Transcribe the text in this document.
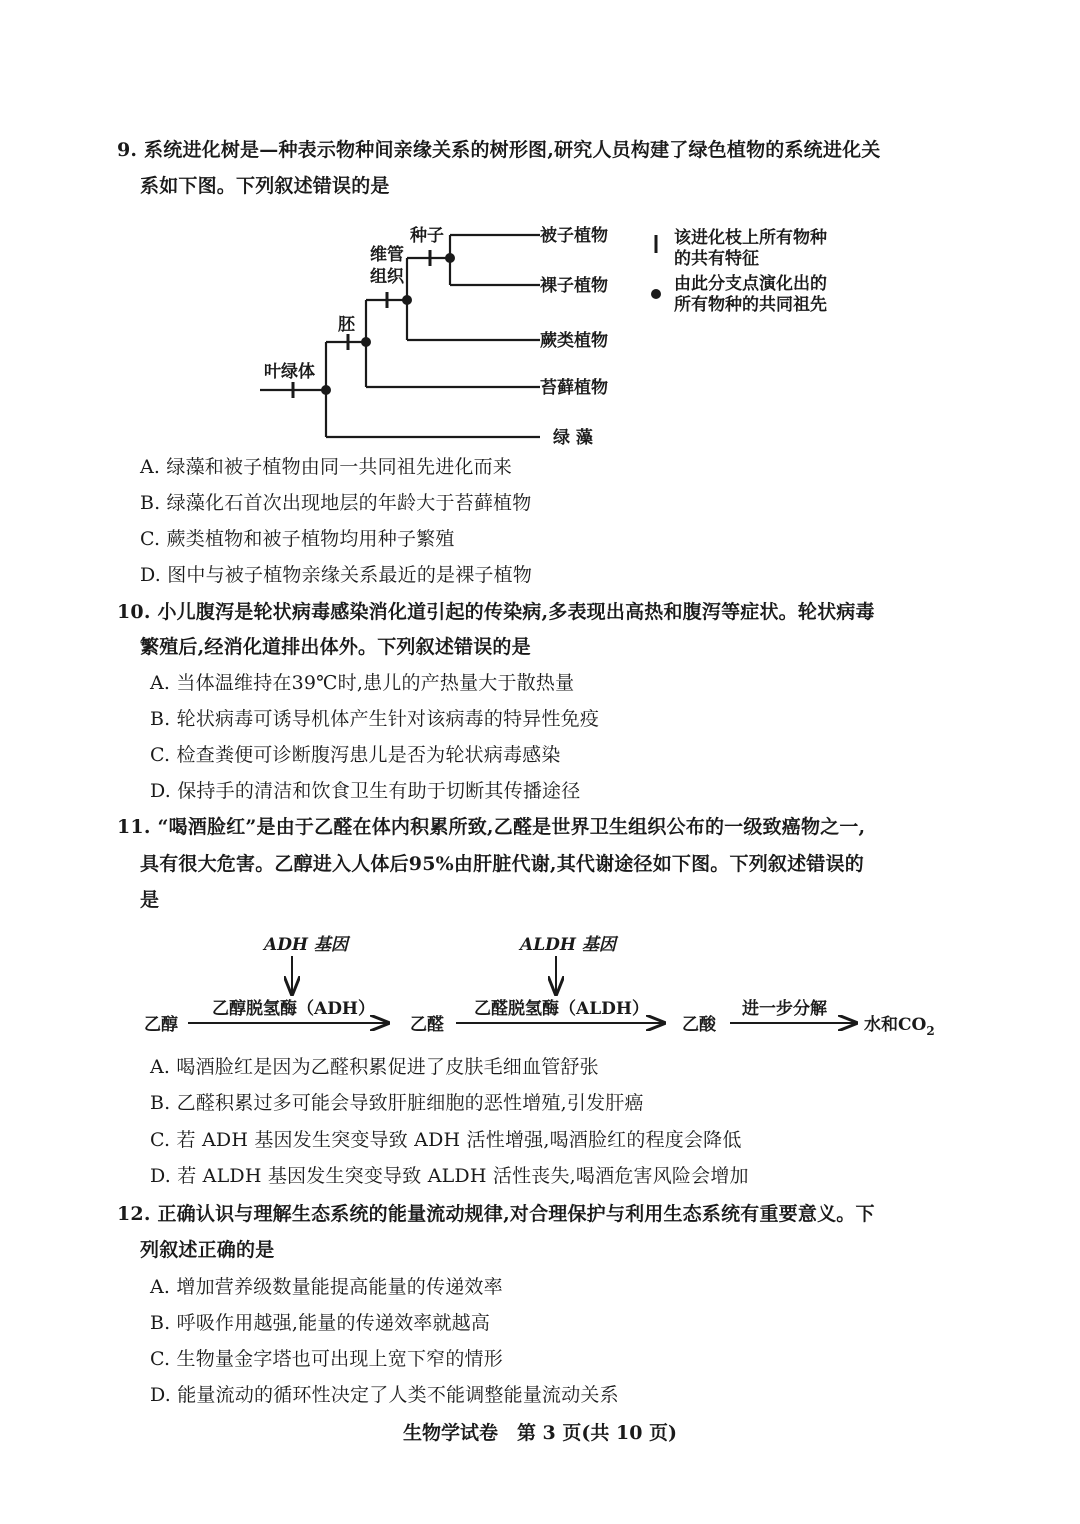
9. 系统进化树是—种表示物种间亲缘关系的树形图,研究人员构建了绿色植物的系统进化关
系如下图。下列叙述错误的是
叶绿体
胚
维管
组织
种子	被子植物
裸子植物
蕨类植物
苔藓植物
绿 藻
该进化枝上所有物种
的共有特征
由此分支点演化出的
所有物种的共同祖先
A. 绿藻和被子植物由同一共同祖先进化而来
B. 绿藻化石首次出现地层的年龄大于苔藓植物
C. 蕨类植物和被子植物均用种子繁殖
D. 图中与被子植物亲缘关系最近的是裸子植物
10. 小儿腹泻是轮状病毒感染消化道引起的传染病,多表现出高热和腹泻等症状。轮状病毒
繁殖后,经消化道排出体外。下列叙述错误的是
A. 当体温维持在39℃时,患儿的产热量大于散热量
B. 轮状病毒可诱导机体产生针对该病毒的特异性免疫
C. 检查粪便可诊断腹泻患儿是否为轮状病毒感染
D. 保持手的清洁和饮食卫生有助于切断其传播途径
11. “喝酒脸红”是由于乙醛在体内积累所致,乙醛是世界卫生组织公布的一级致癌物之一,
具有很大危害。乙醇进入人体后95%由肝脏代谢,其代谢途径如下图。下列叙述错误的
是
ADH 基因	ALDH 基因
乙醇
乙醇脱氢酶（ADH）
乙醛
乙醛脱氢酶（ALDH）
乙酸
进一步分解
水和$CO_2$
A. 喝酒脸红是因为乙醛积累促进了皮肤毛细血管舒张
B. 乙醛积累过多可能会导致肝脏细胞的恶性增殖,引发肝癌
C. 若 ADH 基因发生突变导致 ADH 活性增强,喝酒脸红的程度会降低
D. 若 ALDH 基因发生突变导致 ALDH 活性丧失,喝酒危害风险会增加
12. 正确认识与理解生态系统的能量流动规律,对合理保护与利用生态系统有重要意义。下
列叙述正确的是
A. 增加营养级数量能提高能量的传递效率
B. 呼吸作用越强,能量的传递效率就越高
C. 生物量金字塔也可出现上宽下窄的情形
D. 能量流动的循环性决定了人类不能调整能量流动关系
生物学试卷　第 3 页(共 10 页)
